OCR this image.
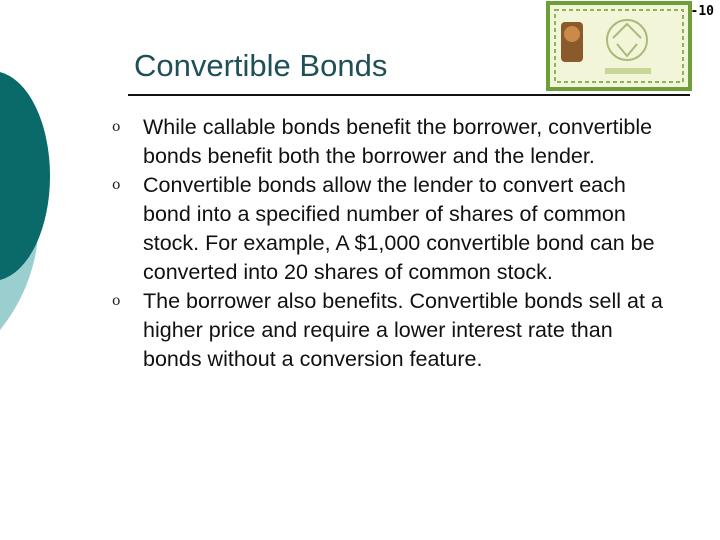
-10
Convertible Bonds
o While callable bonds benefit the borrower, convertible bonds benefit both the borrower and the lender.
o Convertible bonds allow the lender to convert each bond into a specified number of shares of common stock. For example, A $1,000 convertible bond can be converted into 20 shares of common stock.
o The borrower also benefits. Convertible bonds sell at a higher price and require a lower interest rate than bonds without a conversion feature.
